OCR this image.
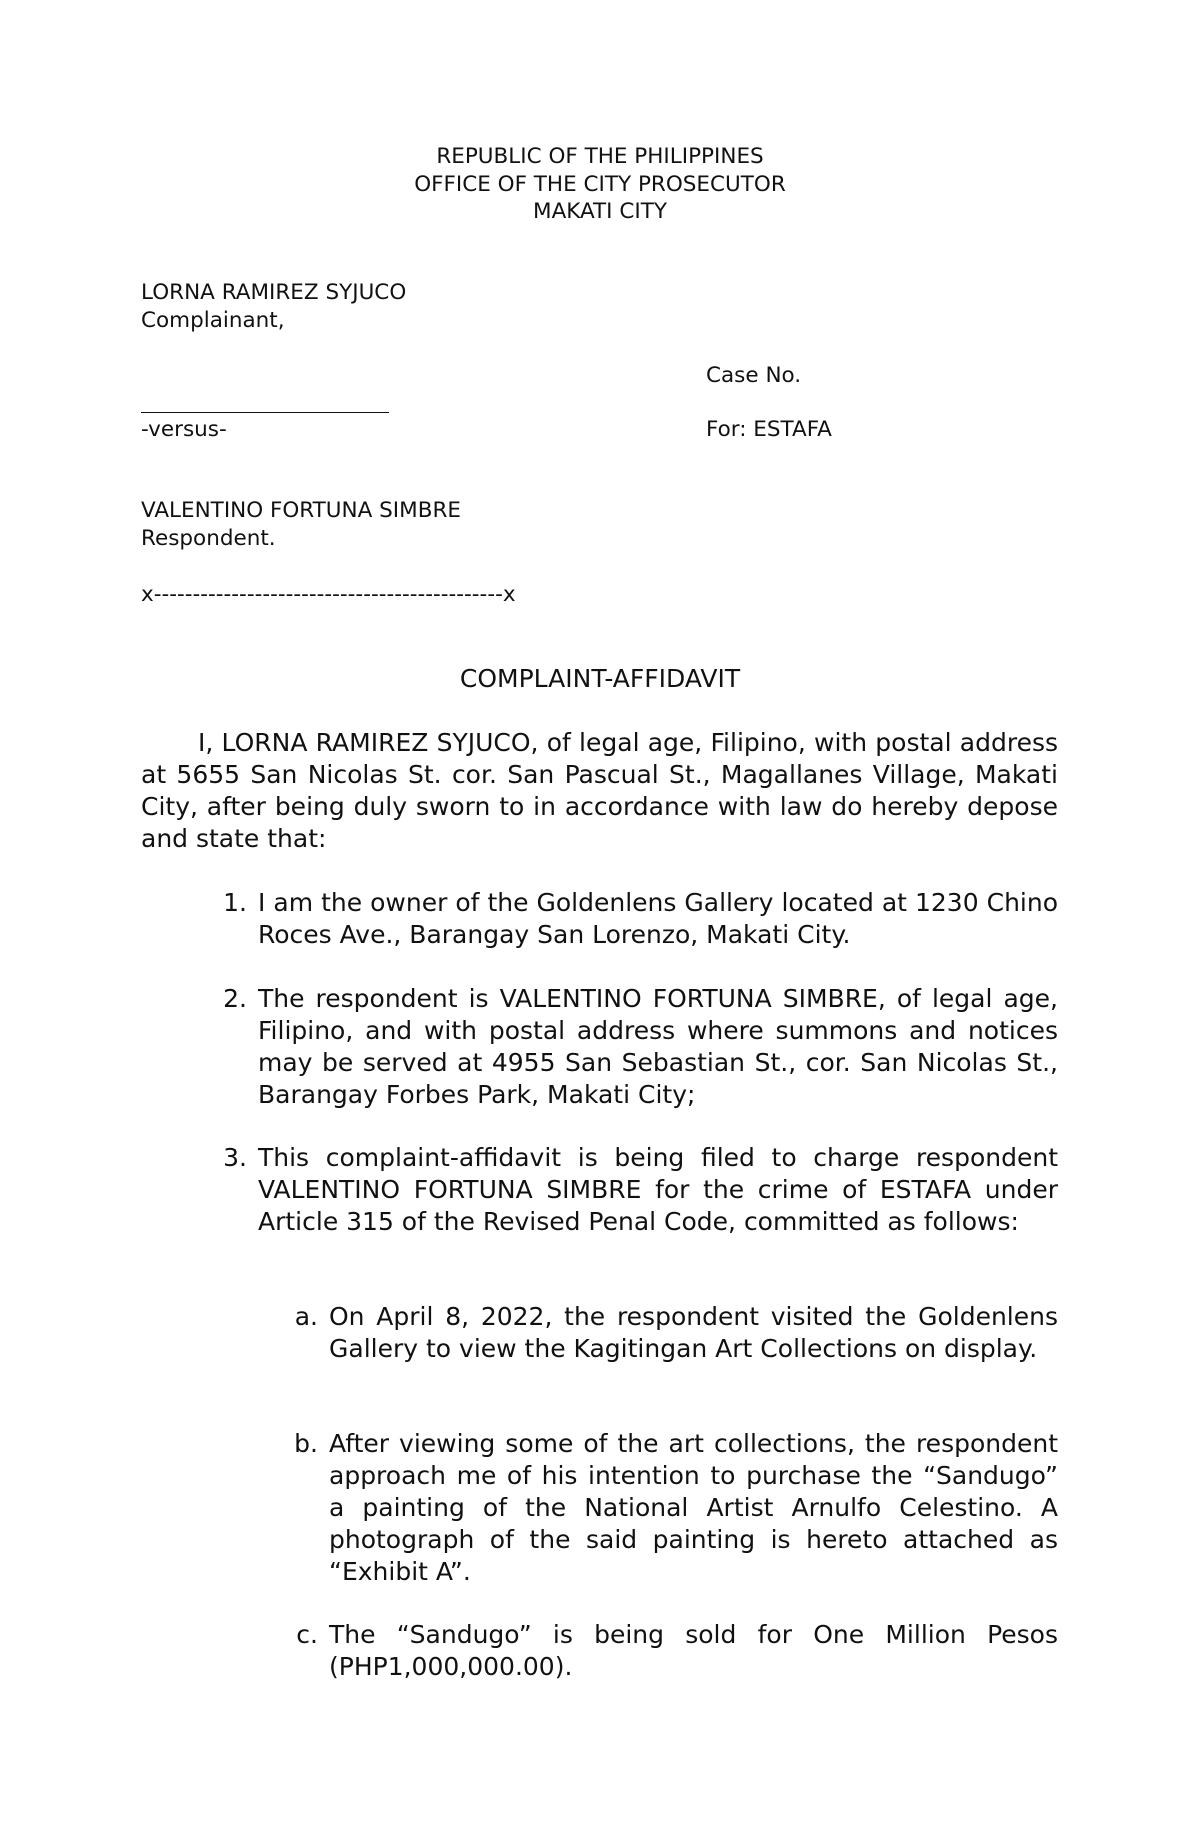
REPUBLIC OF THE PHILIPPINES
OFFICE OF THE CITY PROSECUTOR
MAKATI CITY
LORNA RAMIREZ SYJUCO
Complainant,
Case No.
-versus-	For: ESTAFA
VALENTINO FORTUNA SIMBRE
Respondent.
x---------------------------------------------x
COMPLAINT-AFFIDAVIT
I, LORNA RAMIREZ SYJUCO, of legal age, Filipino, with postal address at 5655 San Nicolas St. cor. San Pascual St., Magallanes Village, Makati City, after being duly sworn to in accordance with law do hereby depose and state that:
1. I am the owner of the Goldenlens Gallery located at 1230 Chino Roces Ave., Barangay San Lorenzo, Makati City.
2. The respondent is VALENTINO FORTUNA SIMBRE, of legal age, Filipino, and with postal address where summons and notices may be served at 4955 San Sebastian St., cor. San Nicolas St., Barangay Forbes Park, Makati City;
3. This complaint-affidavit is being filed to charge respondent VALENTINO FORTUNA SIMBRE for the crime of ESTAFA under Article 315 of the Revised Penal Code, committed as follows:
a. On April 8, 2022, the respondent visited the Goldenlens Gallery to view the Kagitingan Art Collections on display.
b. After viewing some of the art collections, the respondent approach me of his intention to purchase the “Sandugo” a painting of the National Artist Arnulfo Celestino. A photograph of the said painting is hereto attached as “Exhibit A”.
c. The “Sandugo” is being sold for One Million Pesos (PHP1,000,000.00).
